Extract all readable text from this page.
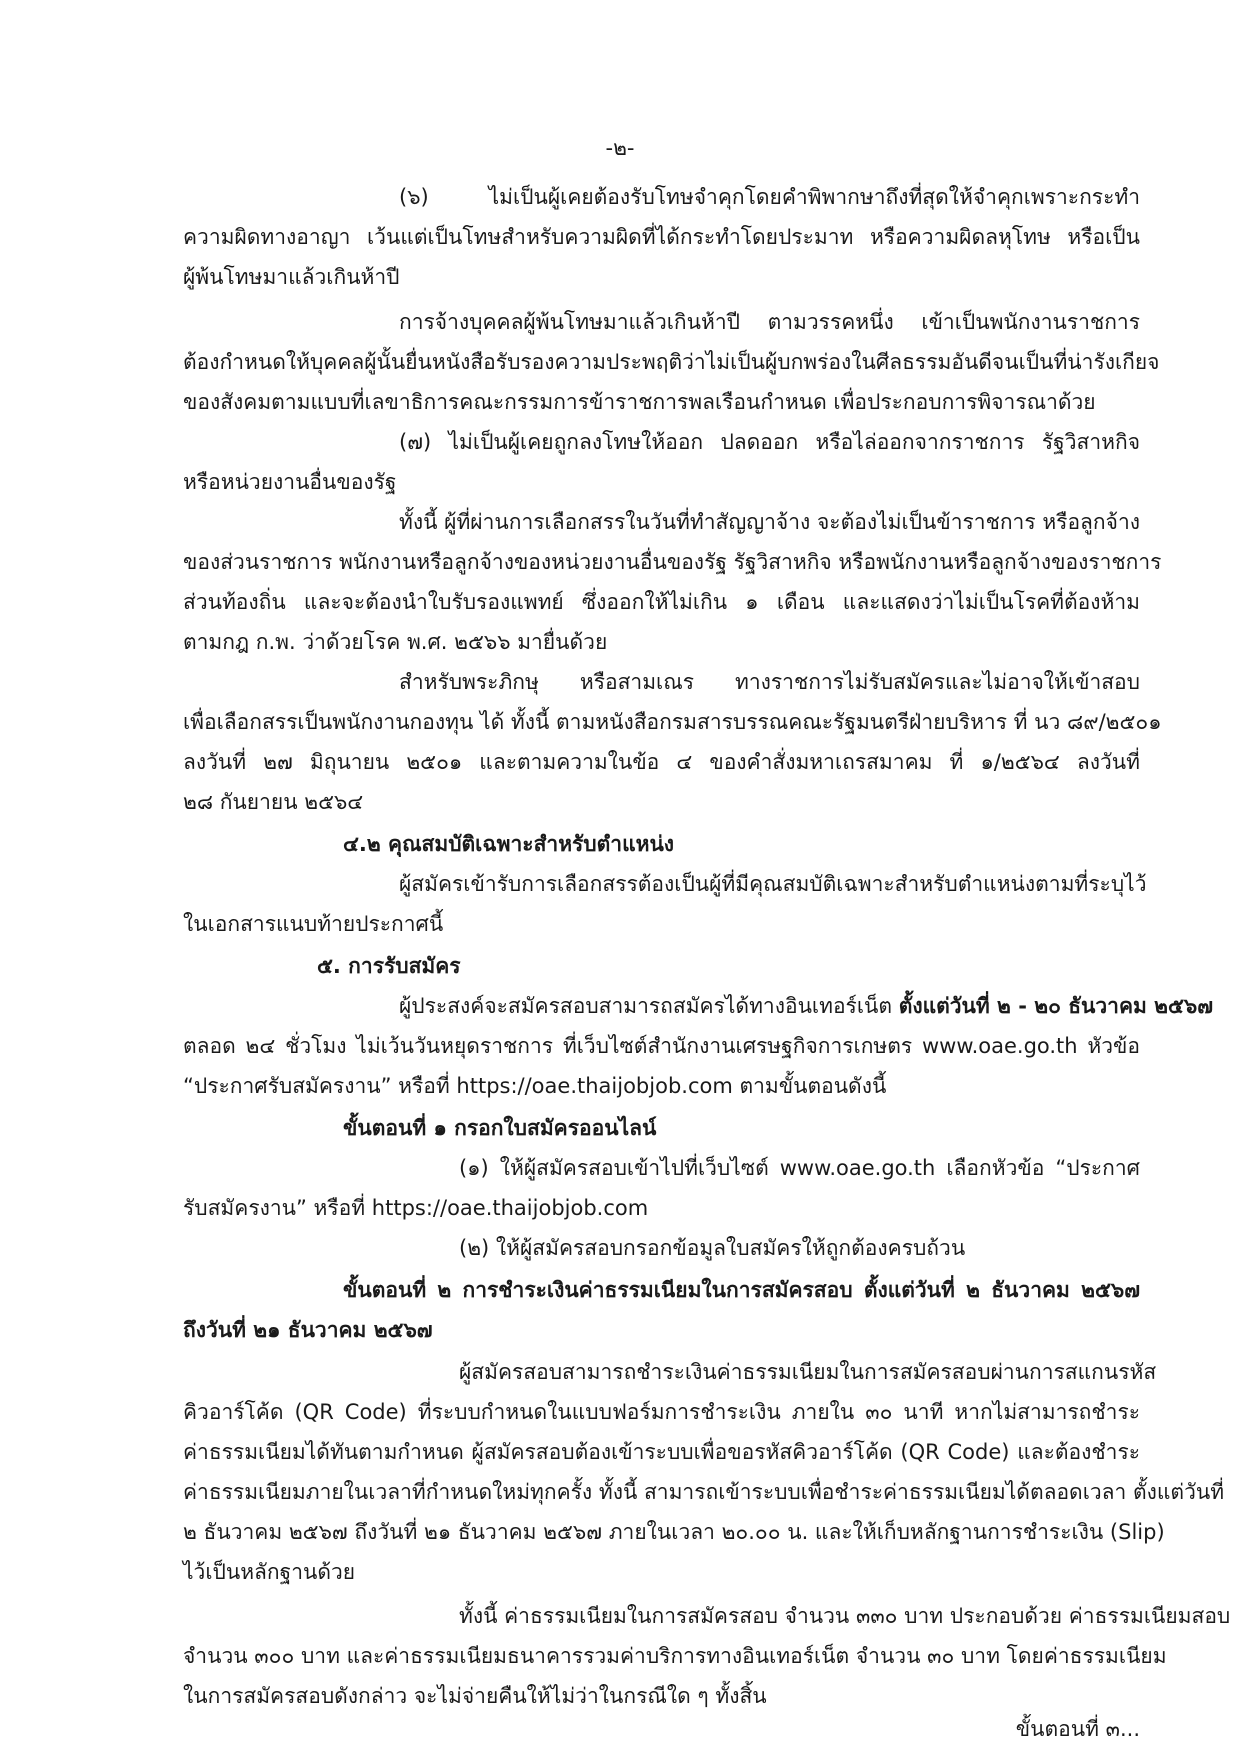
-๒-
(๖) ไม่เป็นผู้เคยต้องรับโทษจำคุกโดยคำพิพากษาถึงที่สุดให้จำคุกเพราะกระทำ
ความผิดทางอาญา เว้นแต่เป็นโทษสำหรับความผิดที่ได้กระทำโดยประมาท หรือความผิดลหุโทษ หรือเป็น
ผู้พ้นโทษมาแล้วเกินห้าปี
การจ้างบุคคลผู้พ้นโทษมาแล้วเกินห้าปี ตามวรรคหนึ่ง เข้าเป็นพนักงานราชการ
ต้องกำหนดให้บุคคลผู้นั้นยื่นหนังสือรับรองความประพฤติว่าไม่เป็นผู้บกพร่องในศีลธรรมอันดีจนเป็นที่น่ารังเกียจ
ของสังคมตามแบบที่เลขาธิการคณะกรรมการข้าราชการพลเรือนกำหนด เพื่อประกอบการพิจารณาด้วย
(๗) ไม่เป็นผู้เคยถูกลงโทษให้ออก ปลดออก หรือไล่ออกจากราชการ รัฐวิสาหกิจ
หรือหน่วยงานอื่นของรัฐ
ทั้งนี้ ผู้ที่ผ่านการเลือกสรรในวันที่ทำสัญญาจ้าง จะต้องไม่เป็นข้าราชการ หรือลูกจ้าง
ของส่วนราชการ พนักงานหรือลูกจ้างของหน่วยงานอื่นของรัฐ รัฐวิสาหกิจ หรือพนักงานหรือลูกจ้างของราชการ
ส่วนท้องถิ่น และจะต้องนำใบรับรองแพทย์ ซึ่งออกให้ไม่เกิน ๑ เดือน และแสดงว่าไม่เป็นโรคที่ต้องห้าม
ตามกฎ ก.พ. ว่าด้วยโรค พ.ศ. ๒๕๖๖ มายื่นด้วย
สำหรับพระภิกษุ หรือสามเณร ทางราชการไม่รับสมัครและไม่อาจให้เข้าสอบ
เพื่อเลือกสรรเป็นพนักงานกองทุน ได้ ทั้งนี้ ตามหนังสือกรมสารบรรณคณะรัฐมนตรีฝ่ายบริหาร ที่ นว ๘๙/๒๕๐๑
ลงวันที่ ๒๗ มิถุนายน ๒๕๐๑ และตามความในข้อ ๔ ของคำสั่งมหาเถรสมาคม ที่ ๑/๒๕๖๔ ลงวันที่
๒๘ กันยายน ๒๕๖๔
๔.๒ คุณสมบัติเฉพาะสำหรับตำแหน่ง
ผู้สมัครเข้ารับการเลือกสรรต้องเป็นผู้ที่มีคุณสมบัติเฉพาะสำหรับตำแหน่งตามที่ระบุไว้
ในเอกสารแนบท้ายประกาศนี้
๕. การรับสมัคร
ผู้ประสงค์จะสมัครสอบสามารถสมัครได้ทางอินเทอร์เน็ต ตั้งแต่วันที่ ๒ - ๒๐ ธันวาคม ๒๕๖๗
ตลอด ๒๔ ชั่วโมง ไม่เว้นวันหยุดราชการ ที่เว็บไซต์สำนักงานเศรษฐกิจการเกษตร www.oae.go.th หัวข้อ
“ประกาศรับสมัครงาน” หรือที่ https://oae.thaijobjob.com ตามขั้นตอนดังนี้
ขั้นตอนที่ ๑ กรอกใบสมัครออนไลน์
(๑) ให้ผู้สมัครสอบเข้าไปที่เว็บไซต์ www.oae.go.th เลือกหัวข้อ “ประกาศ
รับสมัครงาน” หรือที่ https://oae.thaijobjob.com
(๒) ให้ผู้สมัครสอบกรอกข้อมูลใบสมัครให้ถูกต้องครบถ้วน
ขั้นตอนที่ ๒ การชำระเงินค่าธรรมเนียมในการสมัครสอบ ตั้งแต่วันที่ ๒ ธันวาคม ๒๕๖๗
ถึงวันที่ ๒๑ ธันวาคม ๒๕๖๗
ผู้สมัครสอบสามารถชำระเงินค่าธรรมเนียมในการสมัครสอบผ่านการสแกนรหัส
คิวอาร์โค้ด (QR Code) ที่ระบบกำหนดในแบบฟอร์มการชำระเงิน ภายใน ๓๐ นาที หากไม่สามารถชำระ
ค่าธรรมเนียมได้ทันตามกำหนด ผู้สมัครสอบต้องเข้าระบบเพื่อขอรหัสคิวอาร์โค้ด (QR Code) และต้องชำระ
ค่าธรรมเนียมภายในเวลาที่กำหนดใหม่ทุกครั้ง ทั้งนี้ สามารถเข้าระบบเพื่อชำระค่าธรรมเนียมได้ตลอดเวลา ตั้งแต่วันที่
๒ ธันวาคม ๒๕๖๗ ถึงวันที่ ๒๑ ธันวาคม ๒๕๖๗ ภายในเวลา ๒๐.๐๐ น. และให้เก็บหลักฐานการชำระเงิน (Slip)
ไว้เป็นหลักฐานด้วย
ทั้งนี้ ค่าธรรมเนียมในการสมัครสอบ จำนวน ๓๓๐ บาท ประกอบด้วย ค่าธรรมเนียมสอบ
จำนวน ๓๐๐ บาท และค่าธรรมเนียมธนาคารรวมค่าบริการทางอินเทอร์เน็ต จำนวน ๓๐ บาท โดยค่าธรรมเนียม
ในการสมัครสอบดังกล่าว จะไม่จ่ายคืนให้ไม่ว่าในกรณีใด ๆ ทั้งสิ้น
ขั้นตอนที่ ๓...
